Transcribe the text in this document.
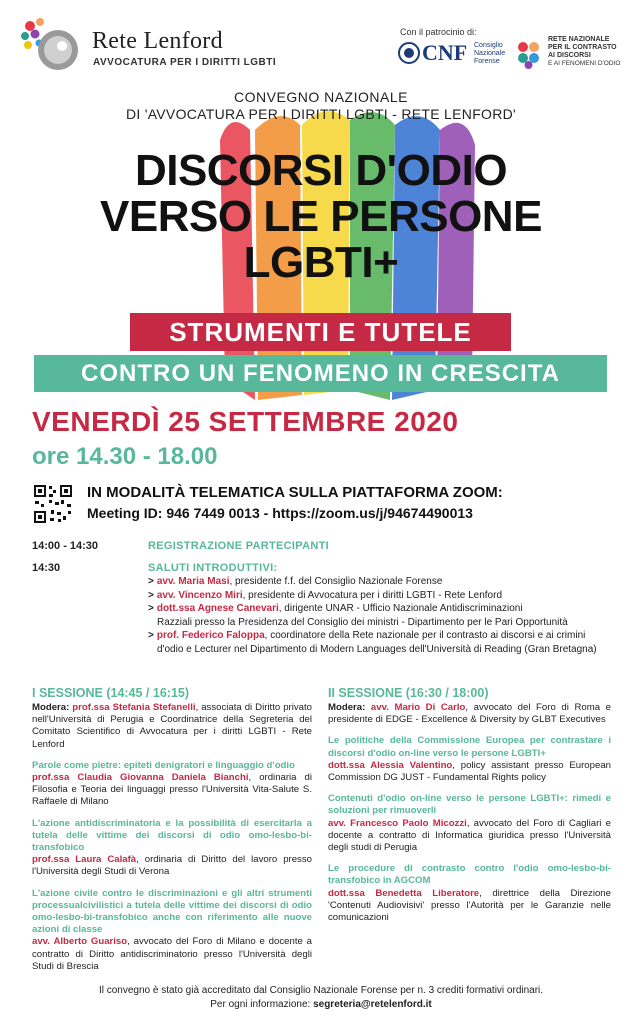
Rete Lenford
AVVOCATURA PER I DIRITTI LGBTI
Con il patrocinio di:
CNF Consiglio
Nazionale
Forense
RETE NAZIONALE
PER IL CONTRASTO
AI DISCORSI
E AI FENOMENI D'ODIO
CONVEGNO NAZIONALE
DI 'AVVOCATURA PER I DIRITTI LGBTI - RETE LENFORD'
DISCORSI D'ODIO
VERSO LE PERSONE
LGBTI+
STRUMENTI E TUTELE
CONTRO UN FENOMENO IN CRESCITA
VENERDÌ 25 SETTEMBRE 2020
ore 14.30 - 18.00
IN MODALITÀ TELEMATICA SULLA PIATTAFORMA ZOOM:
Meeting ID: 946 7449 0013 - https://zoom.us/j/94674490013
14:00 - 14:30	REGISTRAZIONE PARTECIPANTI
14:30	SALUTI INTRODUTTIVI:
> avv. Maria Masi, presidente f.f. del Consiglio Nazionale Forense
> avv. Vincenzo Miri, presidente di Avvocatura per i diritti LGBTI - Rete Lenford
> dott.ssa Agnese Canevari, dirigente UNAR - Ufficio Nazionale Antidiscriminazioni
Razziali presso la Presidenza del Consiglio dei ministri - Dipartimento per le Pari Opportunità
> prof. Federico Faloppa, coordinatore della Rete nazionale per il contrasto ai discorsi e ai crimini
d'odio e Lecturer nel Dipartimento di Modern Languages dell'Università di Reading (Gran Bretagna)
I SESSIONE (14:45 / 16:15)

Modera: prof.ssa Stefania Stefanelli, associata di Diritto privato nell'Università di Perugia e Coordinatrice della Segreteria del Comitato Scientifico di Avvocatura per i diritti LGBTI - Rete Lenford

Parole come pietre: epiteti denigratori e linguaggio d'odio
prof.ssa Claudia Giovanna Daniela Bianchi, ordinaria di Filosofia e Teoria dei linguaggi presso l'Università Vita-Salute S. Raffaele di Milano

L'azione antidiscriminatoria e la possibilità di esercitarla a tutela delle vittime dei discorsi di odio omo-lesbo-bi-transfobico
prof.ssa Laura Calafà, ordinaria di Diritto del lavoro presso l'Università degli Studi di Verona

L'azione civile contro le discriminazioni e gli altri strumenti processualcivilistici a tutela delle vittime dei discorsi di odio omo-lesbo-bi-transfobico anche con riferimento alle nuove azioni di classe
avv. Alberto Guariso, avvocato del Foro di Milano e docente a contratto di Diritto antidiscriminatorio presso l'Università degli Studi di Brescia

II SESSIONE (16:30 / 18:00)

Modera: avv. Mario Di Carlo, avvocato del Foro di Roma e presidente di EDGE - Excellence & Diversity by GLBT Executives

Le politiche della Commissione Europea per contrastare i discorsi d'odio on-line verso le persone LGBTI+
dott.ssa Alessia Valentino, policy assistant presso European Commission DG JUST - Fundamental Rights policy

Contenuti d'odio on-line verso le persone LGBTI+: rimedi e soluzioni per rimuoverli
avv. Francesco Paolo Micozzi, avvocato del Foro di Cagliari e docente a contratto di Informatica giuridica presso l'Università degli studi di Perugia

Le procedure di contrasto contro l'odio omo-lesbo-bi-transfobico in AGCOM
dott.ssa Benedetta Liberatore, direttrice della Direzione 'Contenuti Audiovisivi' presso l'Autorità per le Garanzie nelle comunicazioni

Il convegno è stato già accreditato dal Consiglio Nazionale Forense per n. 3 crediti formativi ordinari.
Per ogni informazione: segreteria@retelenford.it
